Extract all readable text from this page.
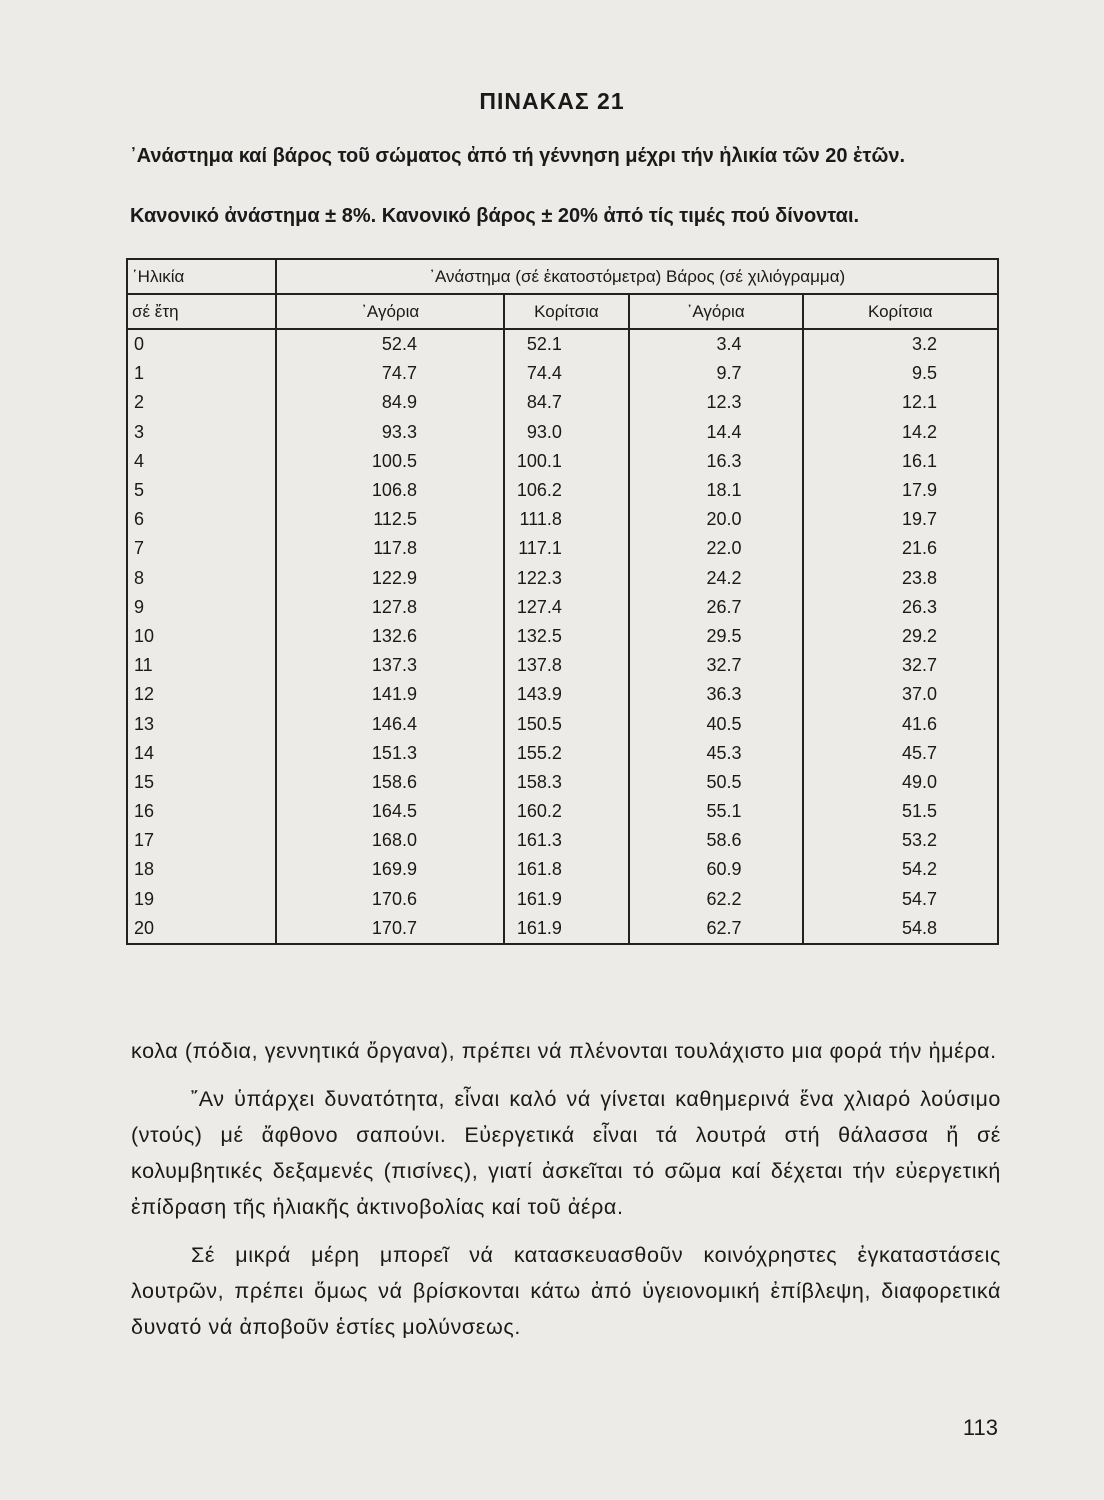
ΠΙΝΑΚΑΣ 21
᾽Ανάστημα καί βάρος τοῦ σώματος ἀπό τή γέννηση μέχρι τήν ἡλικία τῶν 20 ἐτῶν.
Κανονικό ἀνάστημα ± 8%. Κανονικό βάρος ± 20% ἀπό τίς τιμές πού δίνονται.
῾Ηλικία	᾽Ανάστημα (σέ ἑκατοστόμετρα) Βάρος (σέ χιλιόγραμμα)			
σέ ἔτη	᾽Αγόρια	Κορίτσια	᾽Αγόρια	Κορίτσια
0	52.4	52.1	3.4	3.2
1	74.7	74.4	9.7	9.5
2	84.9	84.7	12.3	12.1
3	93.3	93.0	14.4	14.2
4	100.5	100.1	16.3	16.1
5	106.8	106.2	18.1	17.9
6	112.5	111.8	20.0	19.7
7	117.8	117.1	22.0	21.6
8	122.9	122.3	24.2	23.8
9	127.8	127.4	26.7	26.3
10	132.6	132.5	29.5	29.2
11	137.3	137.8	32.7	32.7
12	141.9	143.9	36.3	37.0
13	146.4	150.5	40.5	41.6
14	151.3	155.2	45.3	45.7
15	158.6	158.3	50.5	49.0
16	164.5	160.2	55.1	51.5
17	168.0	161.3	58.6	53.2
18	169.9	161.8	60.9	54.2
19	170.6	161.9	62.2	54.7
20	170.7	161.9	62.7	54.8

κολα (πόδια, γεννητικά ὄργανα), πρέπει νά πλένονται τουλάχιστο μια φορά τήν ἡμέρα.

῎Αν ὑπάρχει δυνατότητα, εἶναι καλό νά γίνεται καθημερινά ἕνα χλιαρό λούσιμο (ντούς) μέ ἄφθονο σαπούνι. Εὐεργετικά εἶναι τά λουτρά στή θάλασσα ἤ σέ κολυμβητικές δεξαμενές (πισίνες), γιατί ἀσκεῖται τό σῶμα καί δέχεται τήν εὐεργετική ἐπίδραση τῆς ἡλιακῆς ἀκτινοβολίας καί τοῦ ἀέρα.

Σέ μικρά μέρη μπορεῖ νά κατασκευασθοῦν κοινόχρηστες ἐγκαταστάσεις λουτρῶν, πρέπει ὅμως νά βρίσκονται κάτω ἀπό ὑγειονομική ἐπίβλεψη, διαφορετικά δυνατό νά ἀποβοῦν ἑστίες μολύνσεως.

113
